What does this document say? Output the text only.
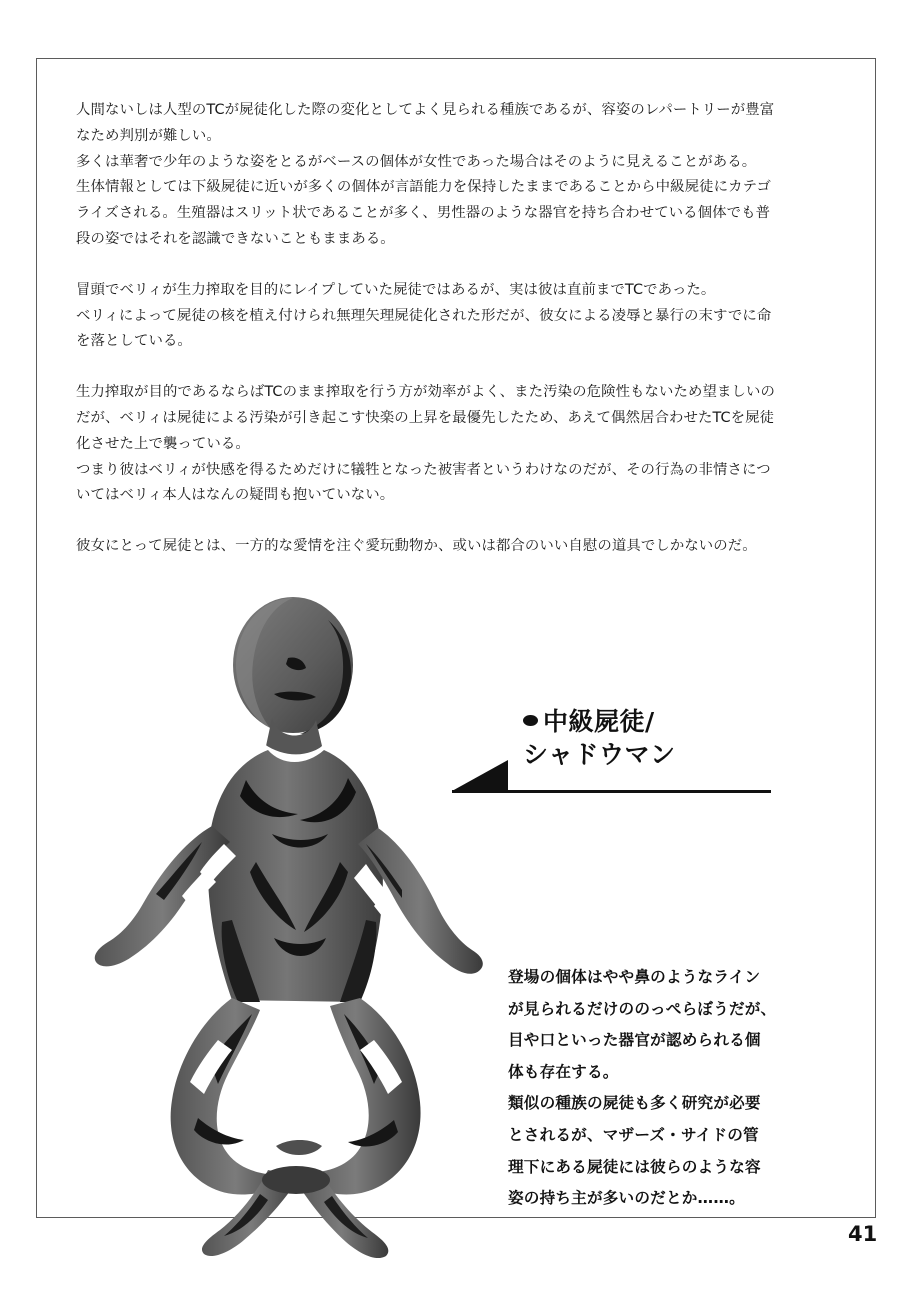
人間ないしは人型のTCが屍徒化した際の変化としてよく見られる種族であるが、容姿のレパートリーが豊富なため判別が難しい。

多くは華奢で少年のような姿をとるがベースの個体が女性であった場合はそのように見えることがある。

生体情報としては下級屍徒に近いが多くの個体が言語能力を保持したままであることから中級屍徒にカテゴライズされる。生殖器はスリット状であることが多く、男性器のような器官を持ち合わせている個体でも普段の姿ではそれを認識できないこともままある。

冒頭でベリィが生力搾取を目的にレイプしていた屍徒ではあるが、実は彼は直前までTCであった。

ベリィによって屍徒の核を植え付けられ無理矢理屍徒化された形だが、彼女による凌辱と暴行の末すでに命を落としている。

生力搾取が目的であるならばTCのまま搾取を行う方が効率がよく、また汚染の危険性もないため望ましいのだが、ベリィは屍徒による汚染が引き起こす快楽の上昇を最優先したため、あえて偶然居合わせたTCを屍徒化させた上で襲っている。

つまり彼はベリィが快感を得るためだけに犠牲となった被害者というわけなのだが、その行為の非情さについてはベリィ本人はなんの疑問も抱いていない。

彼女にとって屍徒とは、一方的な愛情を注ぐ愛玩動物か、或いは都合のいい自慰の道具でしかないのだ。

中級屍徒/
シャドウマン

登場の個体はやや鼻のようなライン

が見られるだけののっぺらぼうだが、

目や口といった器官が認められる個

体も存在する。

類似の種族の屍徒も多く研究が必要

とされるが、マザーズ・サイドの管

理下にある屍徒には彼らのような容

姿の持ち主が多いのだとか……。

41
